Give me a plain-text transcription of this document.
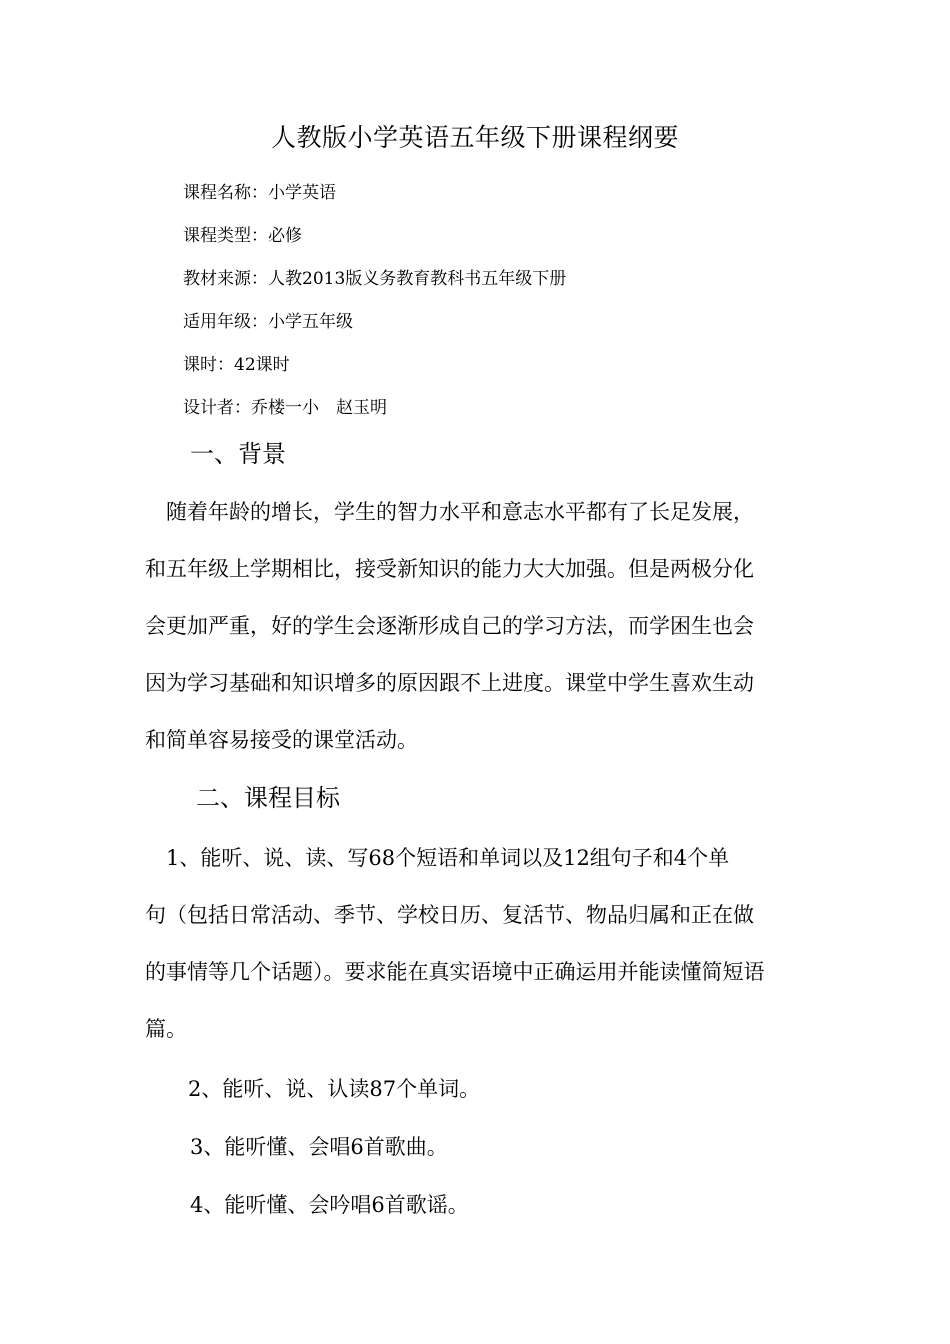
人教版小学英语五年级下册课程纲要
课程名称：小学英语
课程类型：必修
教材来源：人教2013版义务教育教科书五年级下册
适用年级：小学五年级
课时：42课时
设计者：乔楼一小　赵玉明
一、背景
　随着年龄的增长，学生的智力水平和意志水平都有了长足发展，
和五年级上学期相比，接受新知识的能力大大加强。但是两极分化
会更加严重，好的学生会逐渐形成自己的学习方法，而学困生也会
因为学习基础和知识增多的原因跟不上进度。课堂中学生喜欢生动
和简单容易接受的课堂活动。
二、课程目标
　1、能听、说、读、写68个短语和单词以及12组句子和4个单
句（包括日常活动、季节、学校日历、复活节、物品归属和正在做
的事情等几个话题）。要求能在真实语境中正确运用并能读懂简短语
篇。
2、能听、说、认读87个单词。
3、能听懂、会唱6首歌曲。
4、能听懂、会吟唱6首歌谣。
